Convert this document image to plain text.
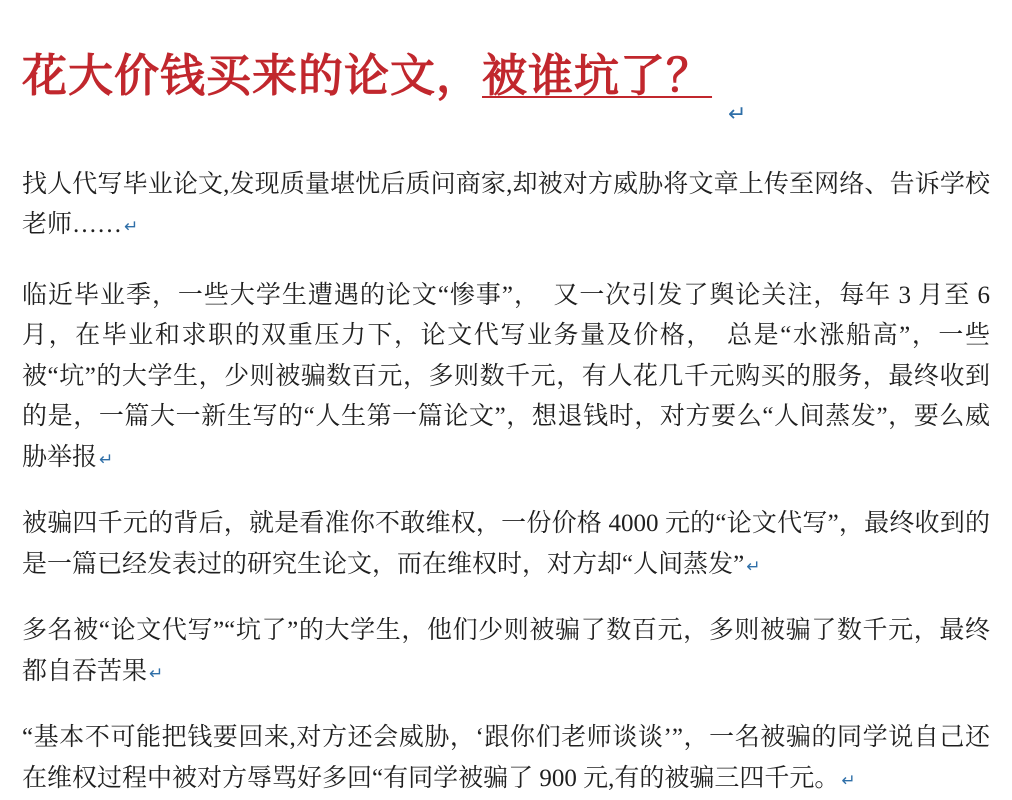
花大价钱买来的论文，被谁坑了？
↵

找人代写毕业论文,发现质量堪忧后质问商家,却被对方威胁将文章上传至网络、告诉学校老师…… ↵

临近毕业季，一些大学生遭遇的论文“惨事”，　又一次引发了舆论关注，每年 3 月至 6 月，在毕业和求职的双重压力下，论文代写业务量及价格，　总是“水涨船高”，一些被“坑”的大学生，少则被骗数百元，多则数千元，有人花几千元购买的服务，最终收到的是，一篇大一新生写的“人生第一篇论文”，想退钱时，对方要么“人间蒸发”，要么威胁举报 ↵

被骗四千元的背后，就是看准你不敢维权，一份价格 4000 元的“论文代写”，最终收到的是一篇已经发表过的研究生论文，而在维权时，对方却“人间蒸发” ↵

多名被“论文代写”“坑了”的大学生，他们少则被骗了数百元，多则被骗了数千元，最终都自吞苦果 ↵

“基本不可能把钱要回来,对方还会威胁，‘跟你们老师谈谈’”，一名被骗的同学说自己还在维权过程中被对方辱骂好多回“有同学被骗了 900 元,有的被骗三四千元。 ↵
